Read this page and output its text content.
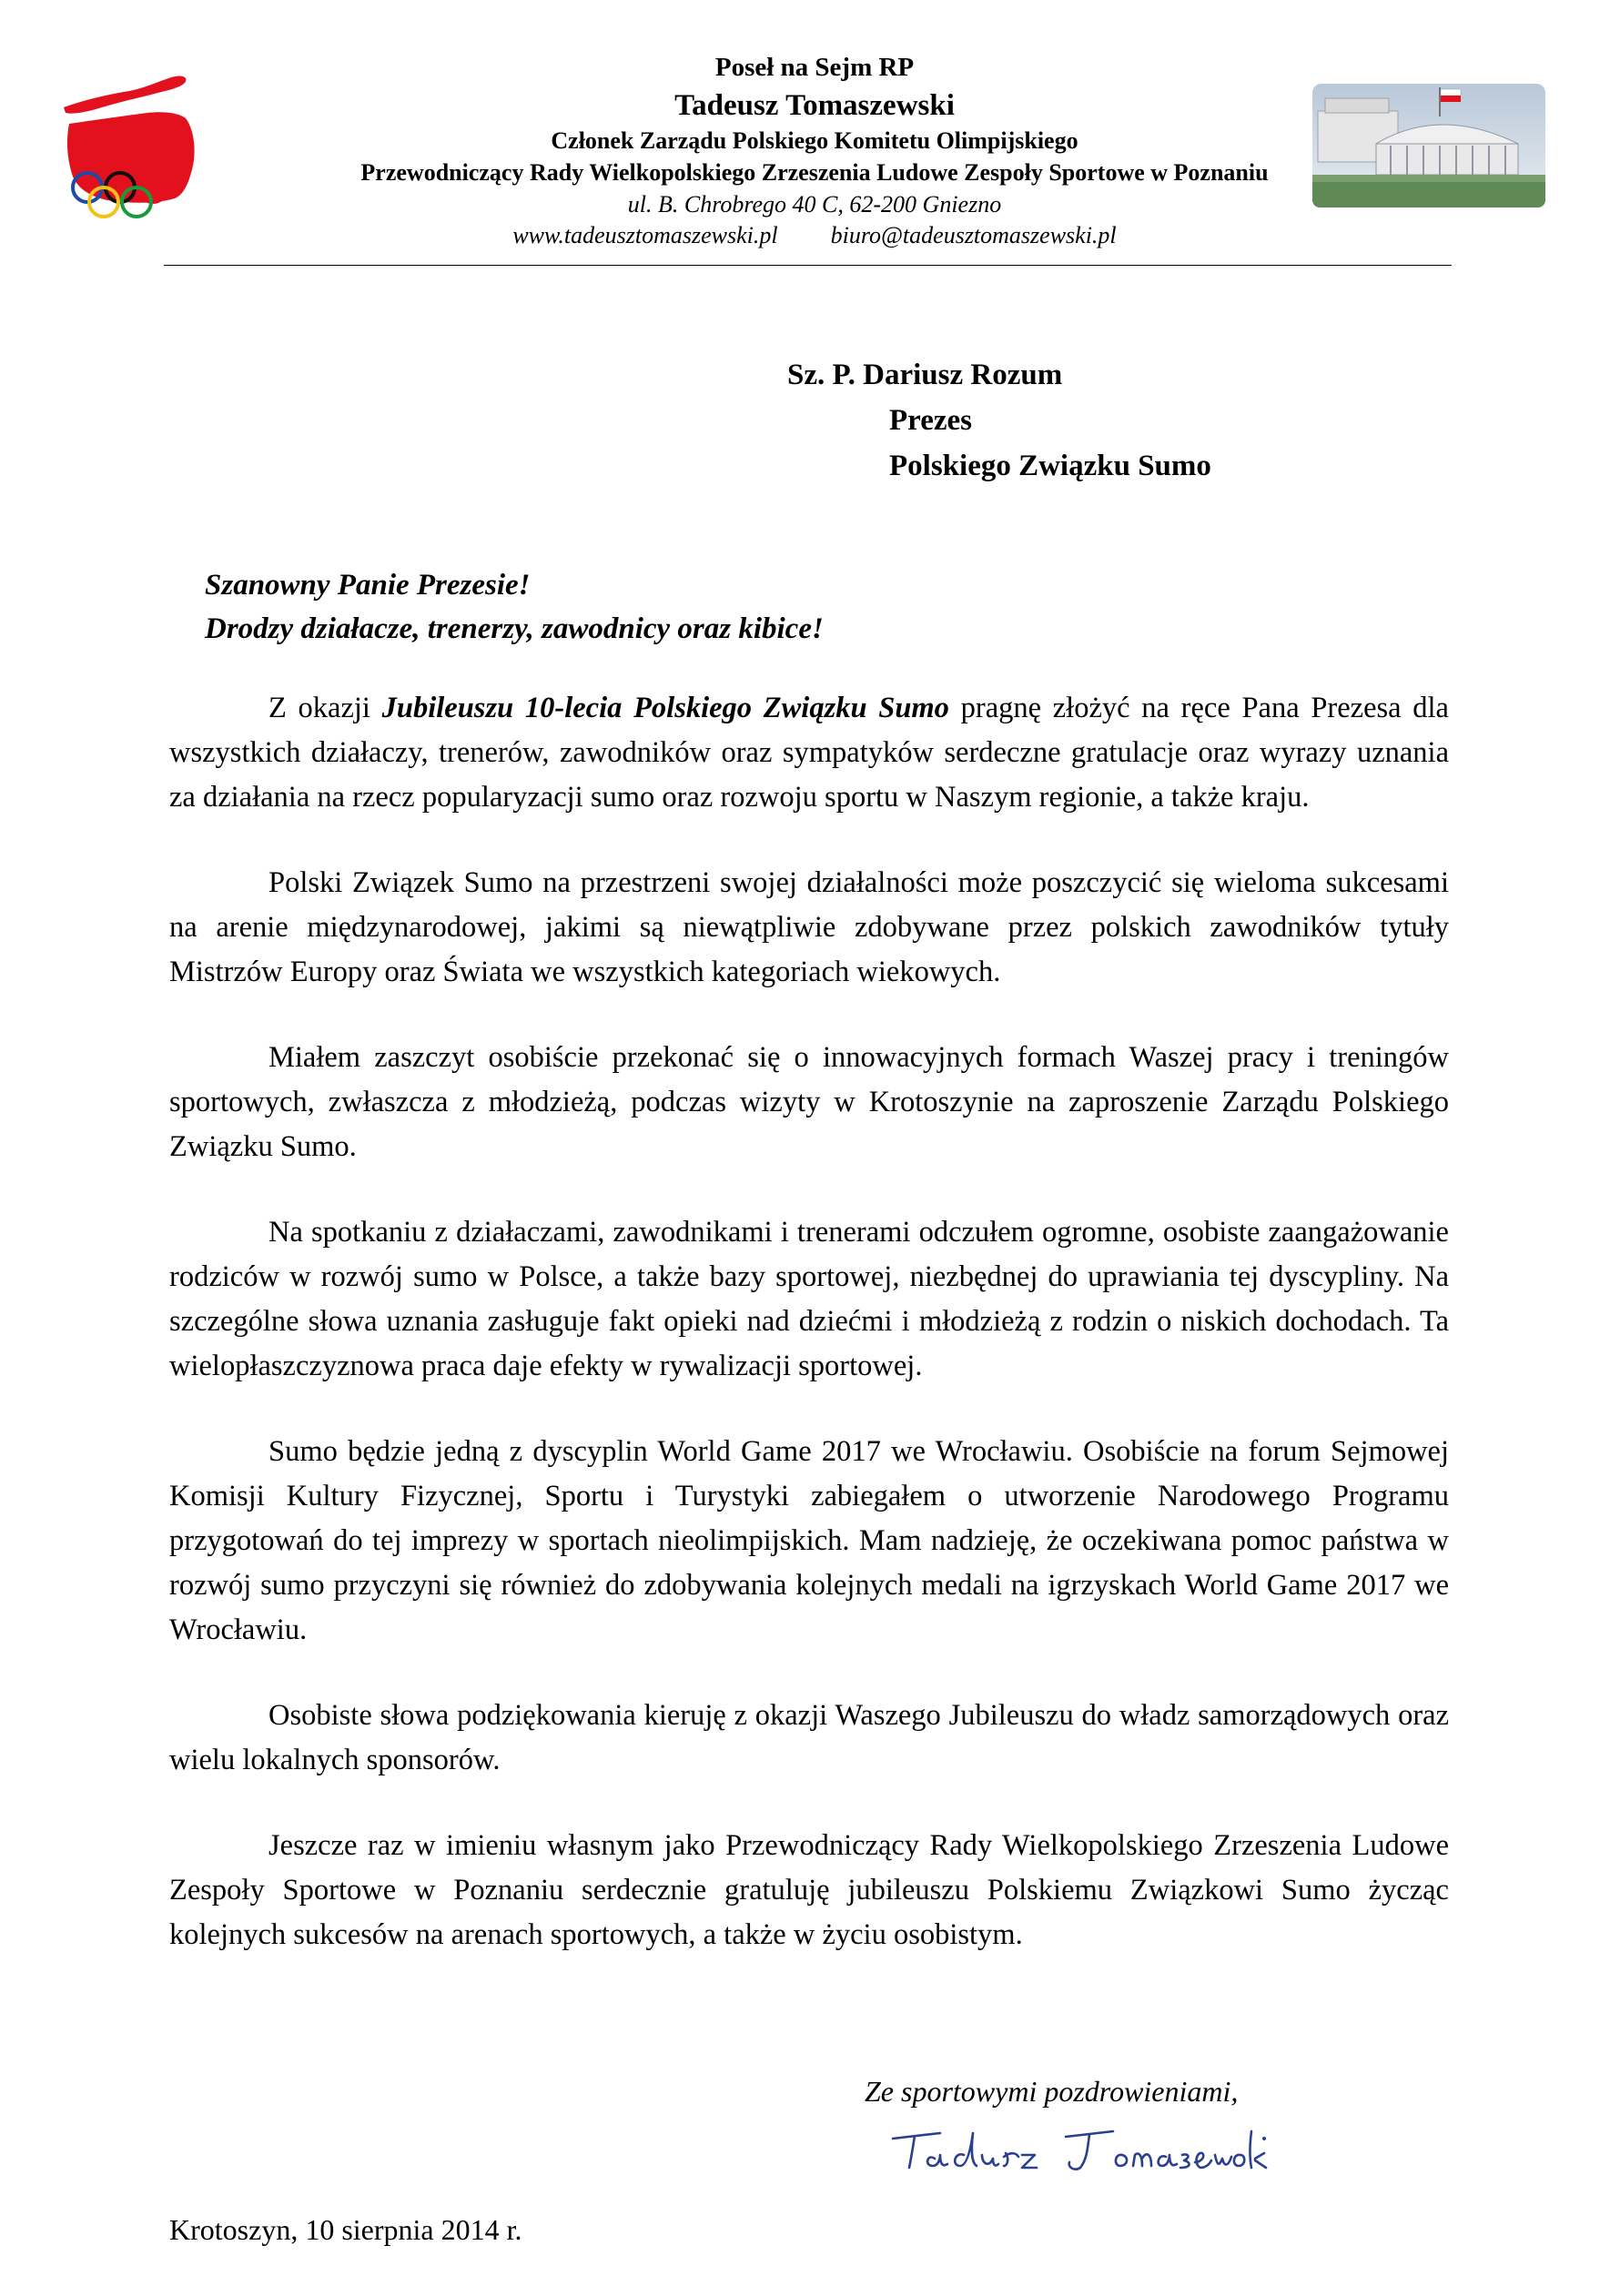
Poseł na Sejm RP
Tadeusz Tomaszewski
Członek Zarządu Polskiego Komitetu Olimpijskiego
Przewodniczący Rady Wielkopolskiego Zrzeszenia Ludowe Zespoły Sportowe w Poznaniu
ul. B. Chrobrego 40 C, 62-200 Gniezno
www.tadeusztomaszewski.pl biuro@tadeusztomaszewski.pl
Sz. P. Dariusz Rozum
Prezes
Polskiego Związku Sumo
Szanowny Panie Prezesie!
Drodzy działacze, trenerzy, zawodnicy oraz kibice!

Z okazji Jubileuszu 10-lecia Polskiego Związku Sumo pragnę złożyć na ręce Pana Prezesa dla wszystkich działaczy, trenerów, zawodników oraz sympatyków serdeczne gratulacje oraz wyrazy uznania za działania na rzecz popularyzacji sumo oraz rozwoju sportu w Naszym regionie, a także kraju.

Polski Związek Sumo na przestrzeni swojej działalności może poszczycić się wieloma sukcesami na arenie międzynarodowej, jakimi są niewątpliwie zdobywane przez polskich zawodników tytuły Mistrzów Europy oraz Świata we wszystkich kategoriach wiekowych.

Miałem zaszczyt osobiście przekonać się o innowacyjnych formach Waszej pracy i treningów sportowych, zwłaszcza z młodzieżą, podczas wizyty w Krotoszynie na zaproszenie Zarządu Polskiego Związku Sumo.

Na spotkaniu z działaczami, zawodnikami i trenerami odczułem ogromne, osobiste zaangażowanie rodziców w rozwój sumo w Polsce, a także bazy sportowej, niezbędnej do uprawiania tej dyscypliny. Na szczególne słowa uznania zasługuje fakt opieki nad dziećmi i młodzieżą z rodzin o niskich dochodach. Ta wielopłaszczyznowa praca daje efekty w rywalizacji sportowej.

Sumo będzie jedną z dyscyplin World Game 2017 we Wrocławiu. Osobiście na forum Sejmowej Komisji Kultury Fizycznej, Sportu i Turystyki zabiegałem o utworzenie Narodowego Programu przygotowań do tej imprezy w sportach nieolimpijskich. Mam nadzieję, że oczekiwana pomoc państwa w rozwój sumo przyczyni się również do zdobywania kolejnych medali na igrzyskach World Game 2017 we Wrocławiu.

Osobiste słowa podziękowania kieruję z okazji Waszego Jubileuszu do władz samorządowych oraz wielu lokalnych sponsorów.

Jeszcze raz w imieniu własnym jako Przewodniczący Rady Wielkopolskiego Zrzeszenia Ludowe Zespoły Sportowe w Poznaniu serdecznie gratuluję jubileuszu Polskiemu Związkowi Sumo życząc kolejnych sukcesów na arenach sportowych, a także w życiu osobistym.

Ze sportowymi pozdrowieniami,
Krotoszyn, 10 sierpnia 2014 r.
